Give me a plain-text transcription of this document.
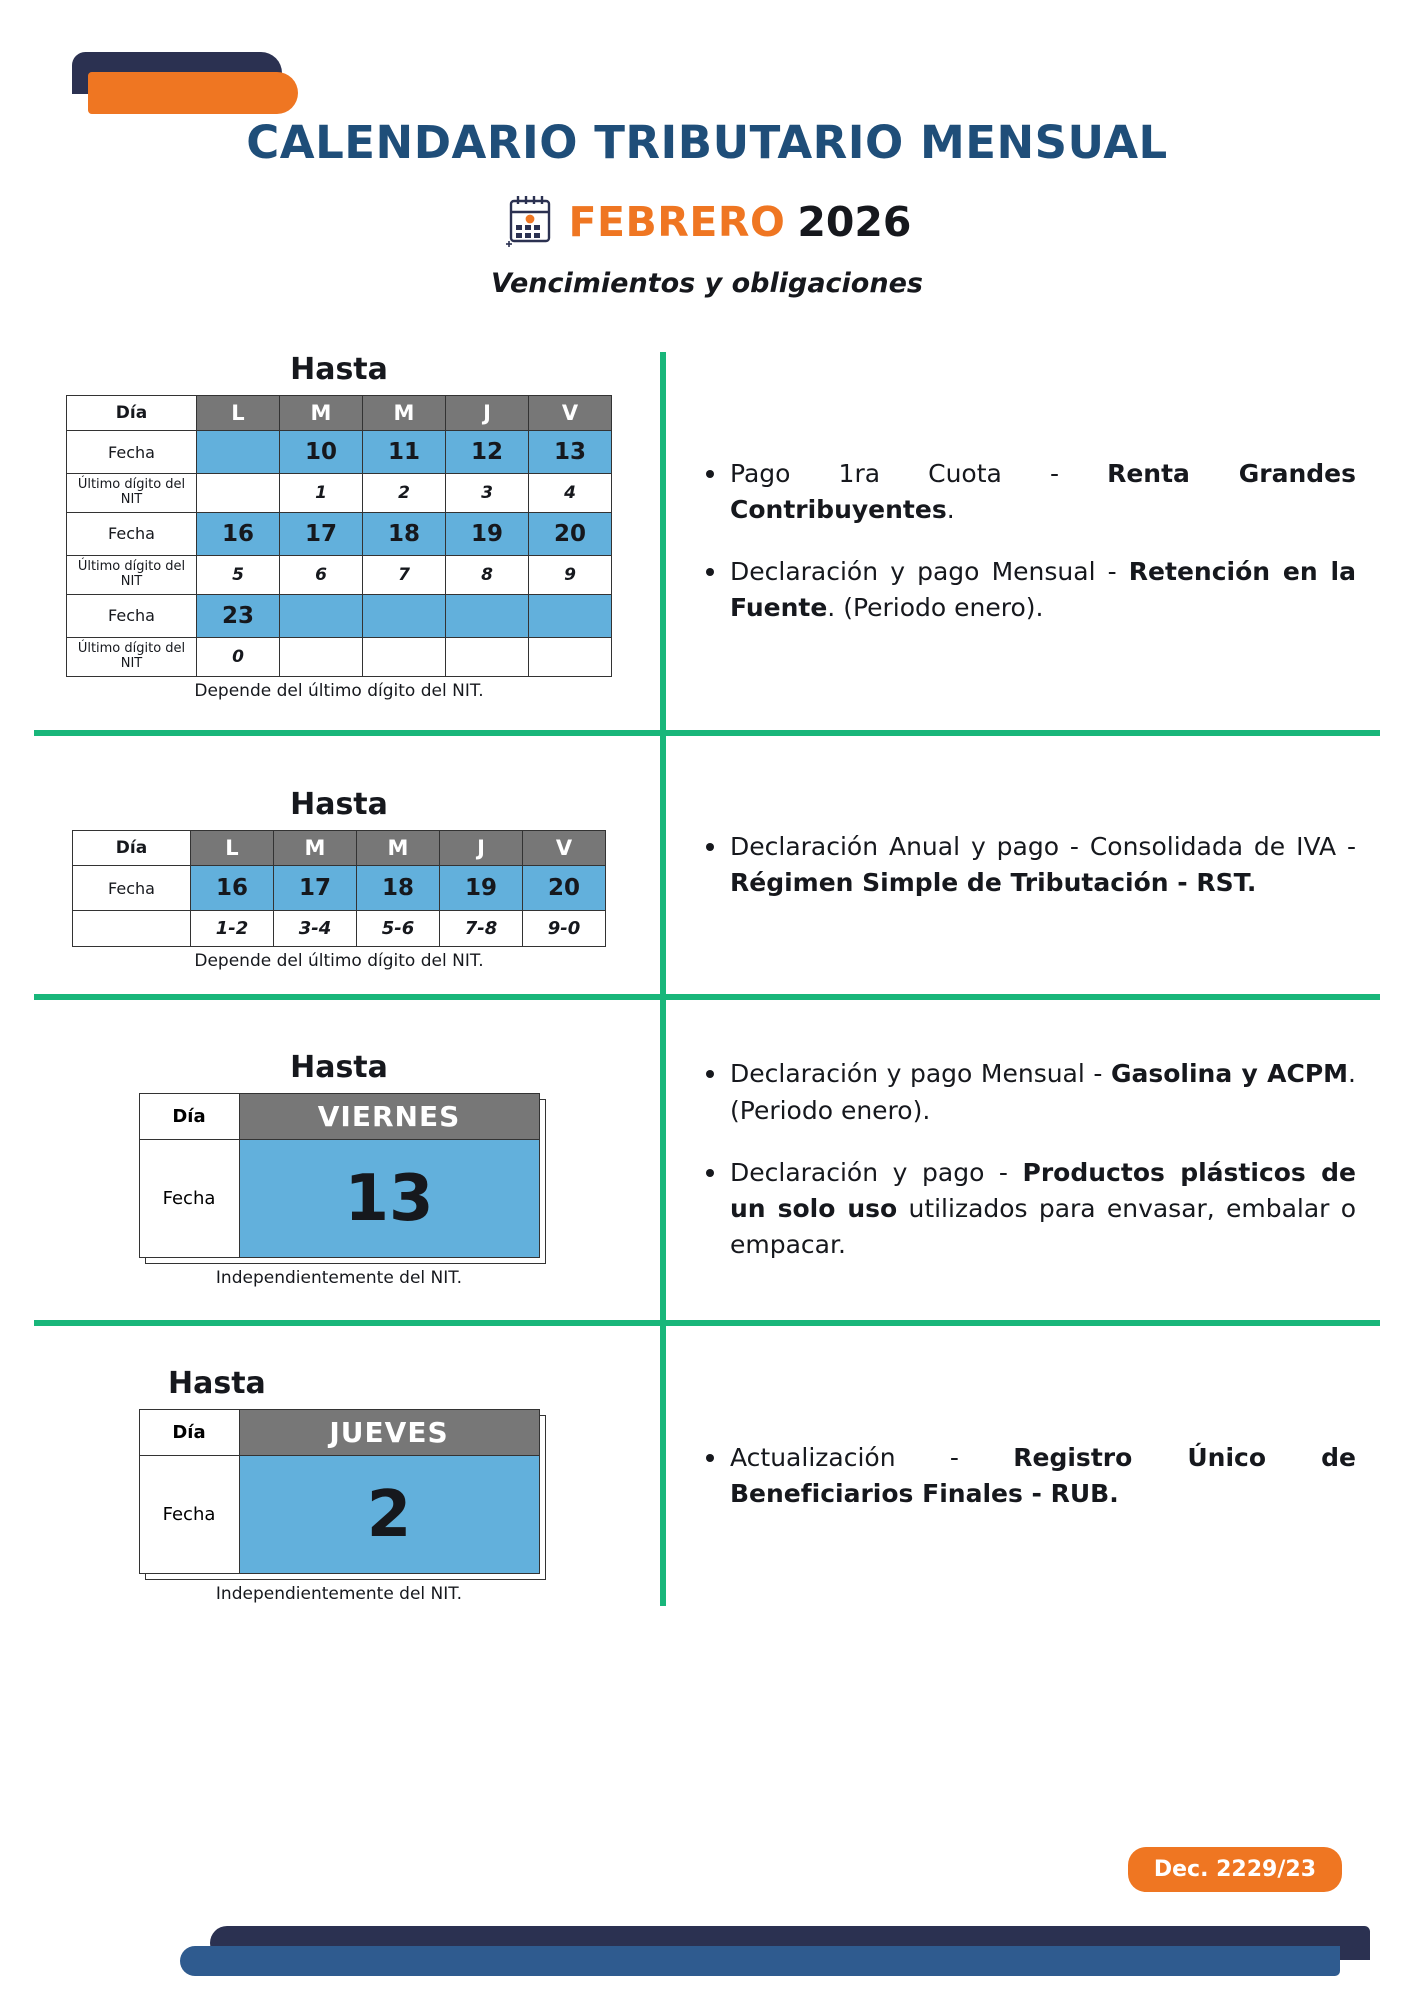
CALENDARIO TRIBUTARIO MENSUAL
FEBRERO 2026
Vencimientos y obligaciones
Hasta
Día	L	M	M	J	V
Fecha		10	11	12	13
Último dígito del NIT		1	2	3	4
Fecha	16	17	18	19	20
Último dígito del NIT	5	6	7	8	9
Fecha	23				
Último dígito del NIT	0				
Depende del último dígito del NIT.
Pago 1ra Cuota - Renta Grandes Contribuyentes.
Declaración y pago Mensual - Retención en la Fuente. (Periodo enero).
Hasta
Día	L	M	M	J	V
Fecha	16	17	18	19	20
	1-2	3-4	5-6	7-8	9-0
Depende del último dígito del NIT.
Declaración Anual y pago - Consolidada de IVA - Régimen Simple de Tributación - RST.
Hasta
Día	VIERNES
Fecha	13
Independientemente del NIT.
Declaración y pago Mensual - Gasolina y ACPM. (Periodo enero).
Declaración y pago - Productos plásticos de un solo uso utilizados para envasar, embalar o empacar.
Hasta
Día	JUEVES
Fecha	2
Independientemente del NIT.
Actualización - Registro Único de Beneficiarios Finales - RUB.
Dec. 2229/23
